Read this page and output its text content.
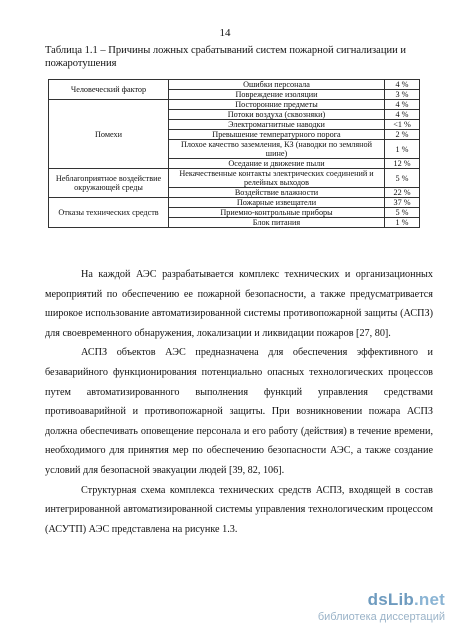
14
Таблица 1.1 – Причины ложных срабатываний систем пожарной сигнализации и пожаротушения
Человеческий фактор	Ошибки персонала	4 %
	Повреждение изоляции	3 %
Помехи	Посторонние предметы	4 %
	Потоки воздуха (сквозняки)	4 %
	Электромагнитные наводки	<1 %
	Превышение температурного порога	2 %
	Плохое качество заземления, КЗ (наводки по земляной шине)	1 %
	Оседание и движение пыли	12 %
Неблагоприятное воздействие окружающей среды	Некачественные контакты электрических соединений и релейных выходов	5 %
	Воздействие влажности	22 %
Отказы технических средств	Пожарные извещатели	37 %
	Приемно-контрольные приборы	5 %
	Блок питания	1 %

На каждой АЭС разрабатывается комплекс технических и организационных мероприятий по обеспечению ее пожарной безопасности, а также предусматривается широкое использование автоматизированной системы противопожарной защиты (АСПЗ) для своевременного обнаружения, локализации и ликвидации пожаров [27, 80].

АСПЗ объектов АЭС предназначена для обеспечения эффективного и безаварийного функционирования потенциально опасных технологических процессов путем автоматизированного выполнения функций управления средствами противоаварийной и противопожарной защиты. При возникновении пожара АСПЗ должна обеспечивать оповещение персонала и его работу (действия) в течение времени, необходимого для принятия мер по обеспечению безопасности АЭС, а также создание условий для безопасной эвакуации людей [39, 82, 106].

Структурная схема комплекса технических средств АСПЗ, входящей в состав интегрированной автоматизированной системы управления технологическим процессом (АСУТП) АЭС представлена на рисунке 1.3.

dsLib.net
библиотека диссертаций
